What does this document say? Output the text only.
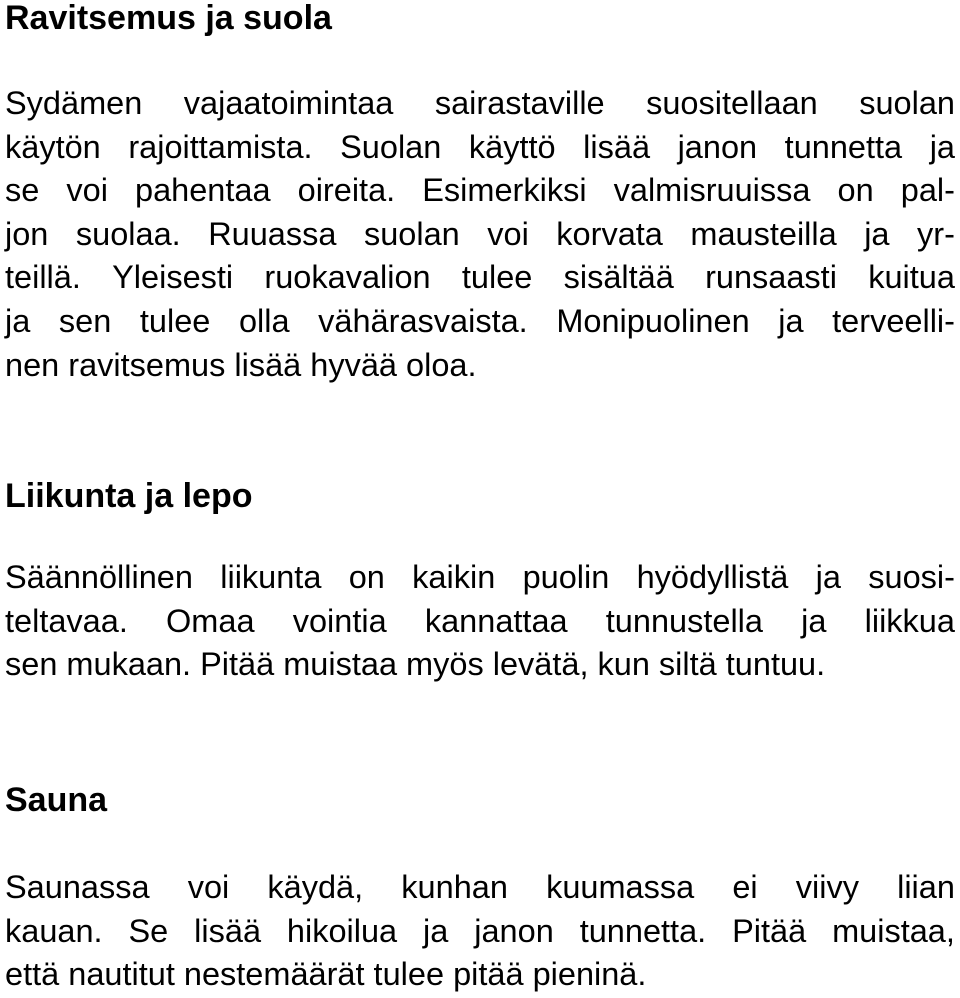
Ravitsemus ja suola
Sydämen vajaatoimintaa sairastaville suositellaan suolan
käytön rajoittamista. Suolan käyttö lisää janon tunnetta ja
se voi pahentaa oireita. Esimerkiksi valmisruuissa on pal-
jon suolaa. Ruuassa suolan voi korvata mausteilla ja yr-
teillä. Yleisesti ruokavalion tulee sisältää runsaasti kuitua
ja sen tulee olla vähärasvaista. Monipuolinen ja terveelli-
nen ravitsemus lisää hyvää oloa.
Liikunta ja lepo
Säännöllinen liikunta on kaikin puolin hyödyllistä ja suosi-
teltavaa. Omaa vointia kannattaa tunnustella ja liikkua
sen mukaan. Pitää muistaa myös levätä, kun siltä tuntuu.
Sauna
Saunassa voi käydä, kunhan kuumassa ei viivy liian
kauan. Se lisää hikoilua ja janon tunnetta. Pitää muistaa,
että nautitut nestemäärät tulee pitää pieninä.
